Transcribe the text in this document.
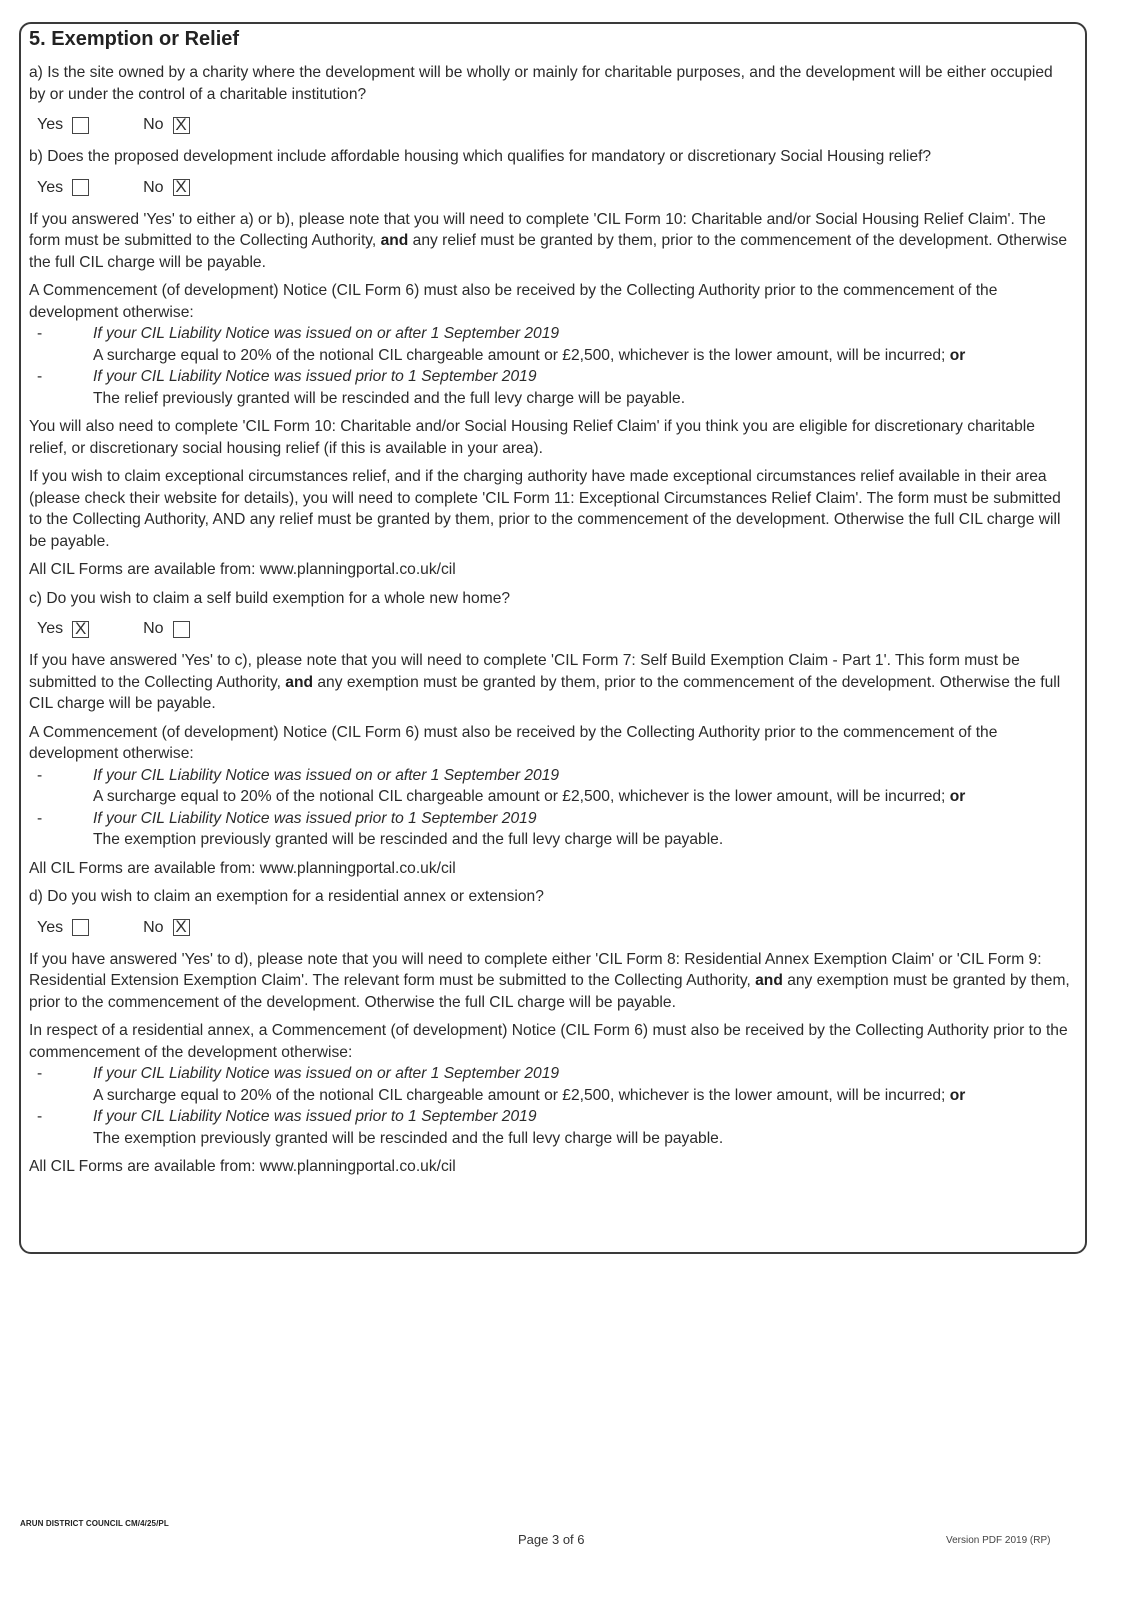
5. Exemption or Relief

a) Is the site owned by a charity where the development will be wholly or mainly for charitable purposes, and the development will be either occupied by or under the control of a charitable institution?

Yes	No X

b) Does the proposed development include affordable housing which qualifies for mandatory or discretionary Social Housing relief?

Yes	No X

If you answered 'Yes' to either a) or b), please note that you will need to complete 'CIL Form 10: Charitable and/or Social Housing Relief Claim'. The form must be submitted to the Collecting Authority, and any relief must be granted by them, prior to the commencement of the development. Otherwise the full CIL charge will be payable.

A Commencement (of development) Notice (CIL Form 6) must also be received by the Collecting Authority prior to the commencement of the development otherwise:

-	If your CIL Liability Notice was issued on or after 1 September 2019
A surcharge equal to 20% of the notional CIL chargeable amount or £2,500, whichever is the lower amount, will be incurred; or
-	If your CIL Liability Notice was issued prior to 1 September 2019
The relief previously granted will be rescinded and the full levy charge will be payable.

You will also need to complete 'CIL Form 10: Charitable and/or Social Housing Relief Claim' if you think you are eligible for discretionary charitable relief, or discretionary social housing relief (if this is available in your area).

If you wish to claim exceptional circumstances relief, and if the charging authority have made exceptional circumstances relief available in their area (please check their website for details), you will need to complete 'CIL Form 11: Exceptional Circumstances Relief Claim'. The form must be submitted to the Collecting Authority, AND any relief must be granted by them, prior to the commencement of the development. Otherwise the full CIL charge will be payable.

All CIL Forms are available from: www.planningportal.co.uk/cil

c) Do you wish to claim a self build exemption for a whole new home?

Yes X	No

If you have answered 'Yes' to c), please note that you will need to complete 'CIL Form 7: Self Build Exemption Claim - Part 1'. This form must be submitted to the Collecting Authority, and any exemption must be granted by them, prior to the commencement of the development. Otherwise the full CIL charge will be payable.

A Commencement (of development) Notice (CIL Form 6) must also be received by the Collecting Authority prior to the commencement of the development otherwise:

-	If your CIL Liability Notice was issued on or after 1 September 2019
A surcharge equal to 20% of the notional CIL chargeable amount or £2,500, whichever is the lower amount, will be incurred; or
-	If your CIL Liability Notice was issued prior to 1 September 2019
The exemption previously granted will be rescinded and the full levy charge will be payable.

All CIL Forms are available from: www.planningportal.co.uk/cil

d) Do you wish to claim an exemption for a residential annex or extension?

Yes	No X

If you have answered 'Yes' to d), please note that you will need to complete either 'CIL Form 8: Residential Annex Exemption Claim' or 'CIL Form 9: Residential Extension Exemption Claim'. The relevant form must be submitted to the Collecting Authority, and any exemption must be granted by them, prior to the commencement of the development. Otherwise the full CIL charge will be payable.

In respect of a residential annex, a Commencement (of development) Notice (CIL Form 6) must also be received by the Collecting Authority prior to the commencement of the development otherwise:

-	If your CIL Liability Notice was issued on or after 1 September 2019
A surcharge equal to 20% of the notional CIL chargeable amount or £2,500, whichever is the lower amount, will be incurred; or
-	If your CIL Liability Notice was issued prior to 1 September 2019
The exemption previously granted will be rescinded and the full levy charge will be payable.

All CIL Forms are available from: www.planningportal.co.uk/cil

ARUN DISTRICT COUNCIL CM/4/25/PL
Page 3 of 6	Version PDF 2019 (RP)
